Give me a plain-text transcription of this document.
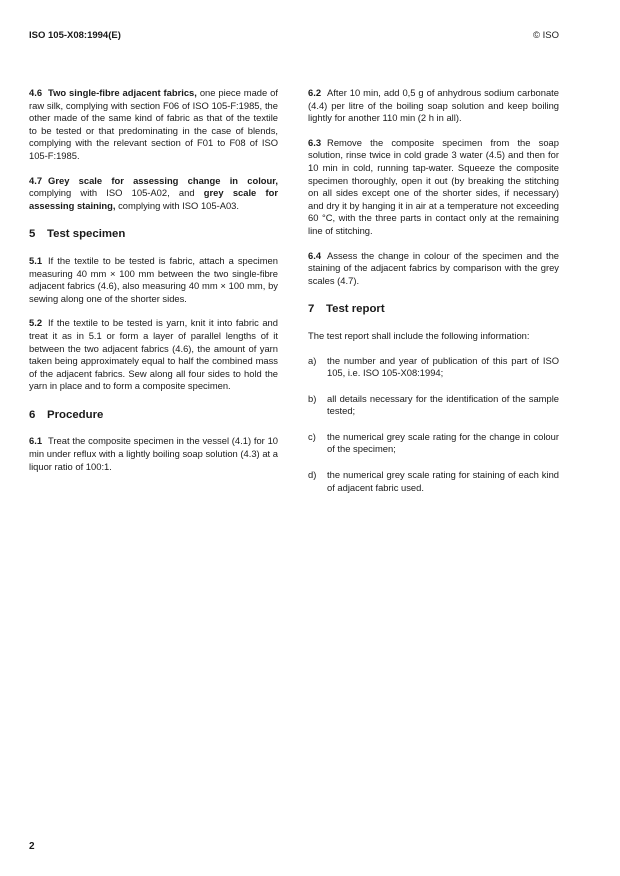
ISO 105-X08:1994(E)	© ISO

4.6 Two single-fibre adjacent fabrics, one piece made of raw silk, complying with section F06 of ISO 105-F:1985, the other made of the same kind of fabric as that of the textile to be tested or that predominating in the case of blends, complying with the relevant section of F01 to F08 of ISO 105-F:1985.

4.7 Grey scale for assessing change in colour, complying with ISO 105-A02, and grey scale for assessing staining, complying with ISO 105-A03.

5 Test specimen

5.1 If the textile to be tested is fabric, attach a specimen measuring 40 mm × 100 mm between the two single-fibre adjacent fabrics (4.6), also measuring 40 mm × 100 mm, by sewing along one of the shorter sides.

5.2 If the textile to be tested is yarn, knit it into fabric and treat it as in 5.1 or form a layer of parallel lengths of it between the two adjacent fabrics (4.6), the amount of yarn taken being approximately equal to half the combined mass of the adjacent fabrics. Sew along all four sides to hold the yarn in place and to form a composite specimen.

6 Procedure

6.1 Treat the composite specimen in the vessel (4.1) for 10 min under reflux with a lightly boiling soap solution (4.3) at a liquor ratio of 100:1.

6.2 After 10 min, add 0,5 g of anhydrous sodium carbonate (4.4) per litre of the boiling soap solution and keep boiling lightly for another 110 min (2 h in all).

6.3 Remove the composite specimen from the soap solution, rinse twice in cold grade 3 water (4.5) and then for 10 min in cold, running tap-water. Squeeze the composite specimen thoroughly, open it out (by breaking the stitching on all sides except one of the shorter sides, if necessary) and dry it by hanging it in air at a temperature not exceeding 60 °C, with the three parts in contact only at the remaining line of stitching.

6.4 Assess the change in colour of the specimen and the staining of the adjacent fabrics by comparison with the grey scales (4.7).

7 Test report

The test report shall include the following information:

a)	the number and year of publication of this part of ISO 105, i.e. ISO 105-X08:1994;
b)	all details necessary for the identification of the sample tested;
c)	the numerical grey scale rating for the change in colour of the specimen;
d)	the numerical grey scale rating for staining of each kind of adjacent fabric used.
2
